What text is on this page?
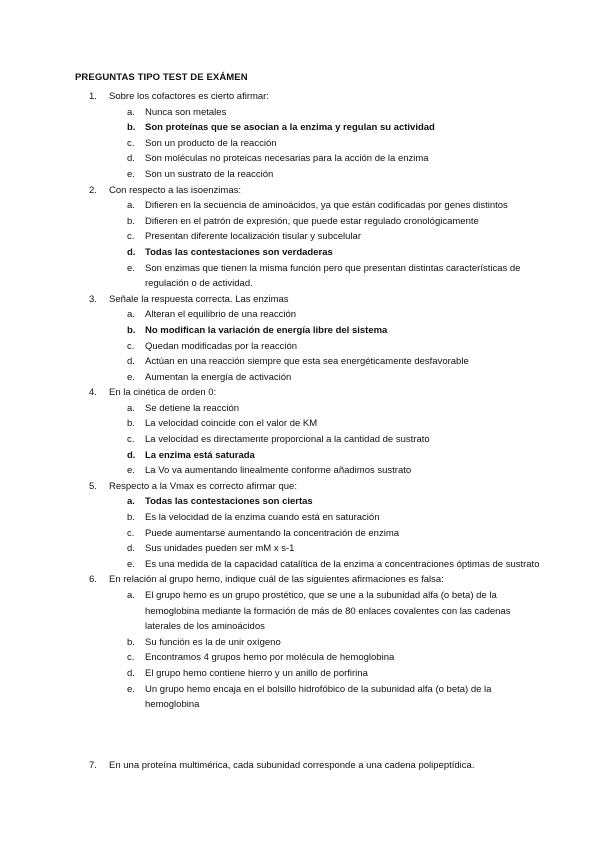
PREGUNTAS TIPO TEST DE EXÁMEN
1.	Sobre los cofactores es cierto afirmar:
a.	Nunca son metales
b.	Son proteínas que se asocian a la enzima y regulan su actividad
c.	Son un producto de la reacción
d.	Son moléculas no proteicas necesarias para la acción de la enzima
e.	Son un sustrato de la reacción
2.	Con respecto a las isoenzimas:
a.	Difieren en la secuencia de aminoácidos, ya que están codificadas por genes distintos
b.	Difieren en el patrón de expresión, que puede estar regulado cronológicamente
c.	Presentan diferente localización tisular y subcelular
d.	Todas las contestaciones son verdaderas
e.	Son enzimas que tienen la misma función pero que presentan distintas características de regulación o de actividad.
3.	Señale la respuesta correcta. Las enzimas
a.	Alteran el equilibrio de una reacción
b.	No modifican la variación de energía libre del sistema
c.	Quedan modificadas por la reacción
d.	Actúan en una reacción siempre que esta sea energéticamente desfavorable
e.	Aumentan la energía de activación
4.	En la cinética de orden 0:
a.	Se detiene la reacción
b.	La velocidad coincide con el valor de KM
c.	La velocidad es directamente proporcional a la cantidad de sustrato
d.	La enzima está saturada
e.	La Vo va aumentando linealmente conforme añadimos sustrato
5.	Respecto a la Vmax es correcto afirmar que:
a.	Todas las contestaciones son ciertas
b.	Es la velocidad de la enzima cuando está en saturación
c.	Puede aumentarse aumentando la concentración de enzima
d.	Sus unidades pueden ser mM x s-1
e.	Es una medida de la capacidad catalítica de la enzima a concentraciones óptimas de sustrato
6.	En relación al grupo hemo, indique cuál de las siguientes afirmaciones es falsa:
a.	El grupo hemo es un grupo prostético, que se une a la subunidad alfa (o beta) de la hemoglobina mediante la formación de más de 80 enlaces covalentes con las cadenas laterales de los aminoácidos
b.	Su función es la de unir oxígeno
c.	Encontramos 4 grupos hemo por molécula de hemoglobina
d.	El grupo hemo contiene hierro y un anillo de porfirina
e.	Un grupo hemo encaja en el bolsillo hidrofóbico de la subunidad alfa (o beta) de la hemoglobina
7.	En una proteína multimérica, cada subunidad corresponde a una cadena polipeptídica.
